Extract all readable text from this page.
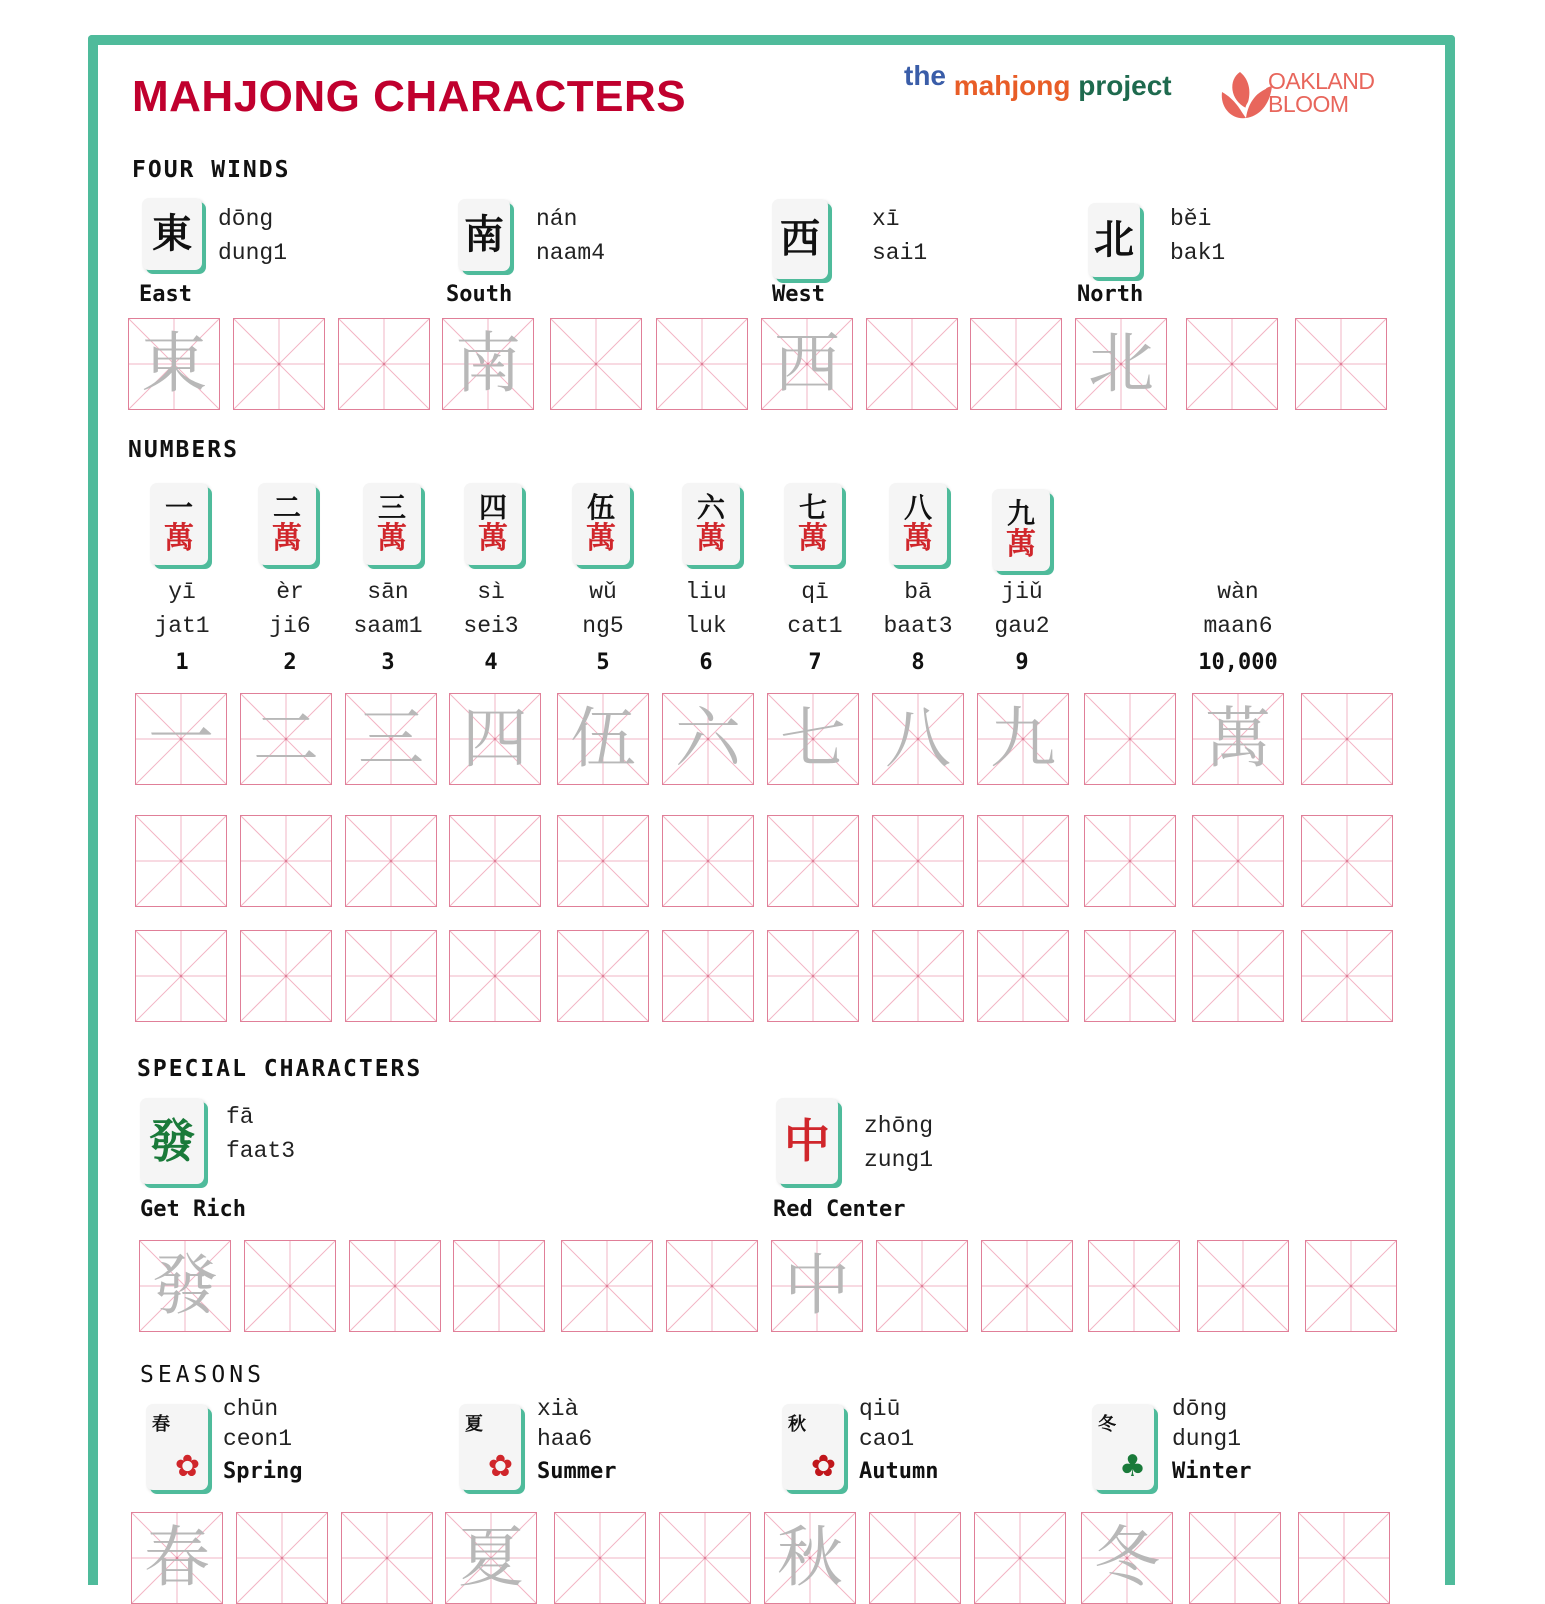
MAHJONG CHARACTERS	the mahjong project	OAKLAND
BLOOM
FOUR WINDS
東 dōng
dung1
East
南 nán
naam4
South
西 xī
sai1
West
北 běi
bak1
North
東	南	西	北
NUMBERS
一
萬
yī
jat1
1
二
萬
èr
ji6
2
三
萬
sān
saam1
3
四
萬
sì
sei3
4
伍
萬
wǔ
ng5
5
六
萬
liu
luk
6
七
萬
qī
cat1
7
八
萬
bā
baat3
8
九
萬
jiǔ
gau2
9
wàn
maan6
10,000
一 二 三 四 伍 六 七 八 九 萬
SPECIAL CHARACTERS
發 fā
faat3
Get Rich
中 zhōng
zung1
Red Center
發	中
SEASONS
春
✿
chūn
ceon1
Spring
夏
✿
xià
haa6
Summer
秋
✿
qiū
cao1
Autumn
冬
♣
dōng
dung1
Winter
春	夏	秋	冬
